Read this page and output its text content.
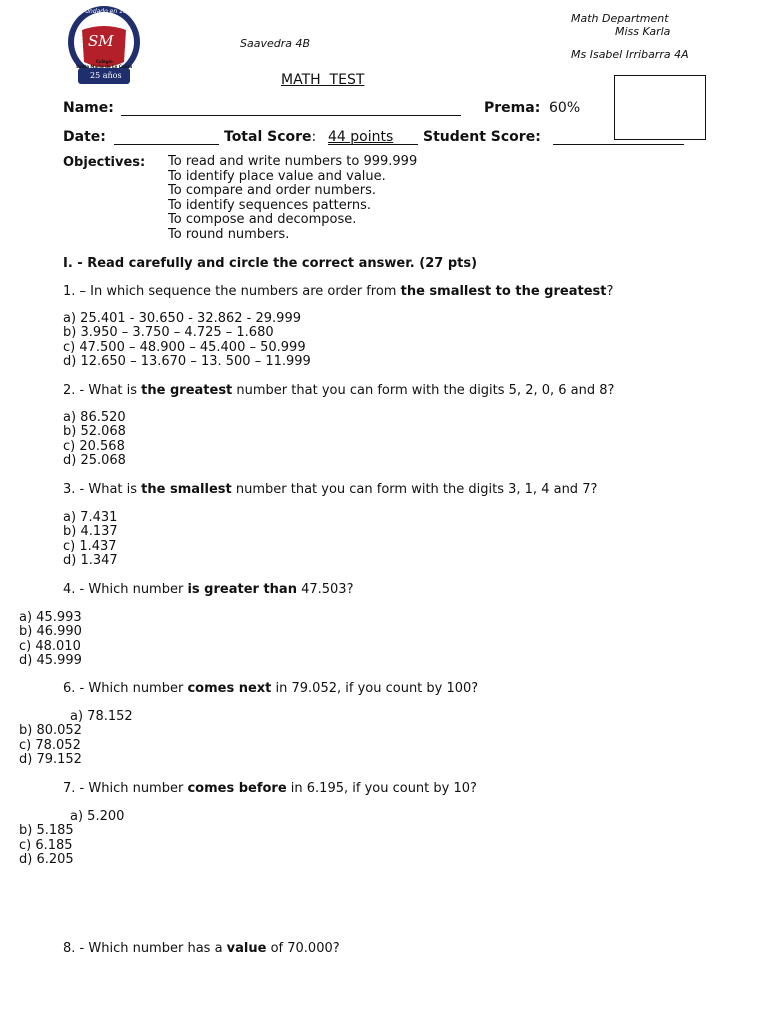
Fundado en 1991
SM
Colegio
Santa Marta de Lo Cañas
25 años
Saavedra 4B
Math Department
Miss Karla
Ms Isabel Irribarra 4A
MATH  TEST
Name:	Prema: 60%
Date:	Total Score: 44 points Student Score:
Objectives: To read and write numbers to 999.999
To identify place value and value.
To compare and order numbers.
To identify sequences patterns.
To compose and decompose.
To round numbers.
I. - Read carefully and circle the correct answer. (27 pts)
1. – In which sequence the numbers are order from the smallest to the greatest?
a) 25.401 - 30.650 - 32.862 - 29.999
b) 3.950 – 3.750 – 4.725 – 1.680
c) 47.500 – 48.900 – 45.400 – 50.999
d) 12.650 – 13.670 – 13. 500 – 11.999
2. - What is the greatest number that you can form with the digits 5, 2, 0, 6 and 8?
a) 86.520
b) 52.068
c) 20.568
d) 25.068
3. - What is the smallest number that you can form with the digits 3, 1, 4 and 7?
a) 7.431
b) 4.137
c) 1.437
d) 1.347
4. - Which number is greater than 47.503?
a) 45.993
b) 46.990
c) 48.010
d) 45.999
6. - Which number comes next in 79.052, if you count by 100?
a) 78.152
b) 80.052
c) 78.052
d) 79.152
7. - Which number comes before in 6.195, if you count by 10?
a) 5.200
b) 5.185
c) 6.185
d) 6.205
8. - Which number has a value of 70.000?
